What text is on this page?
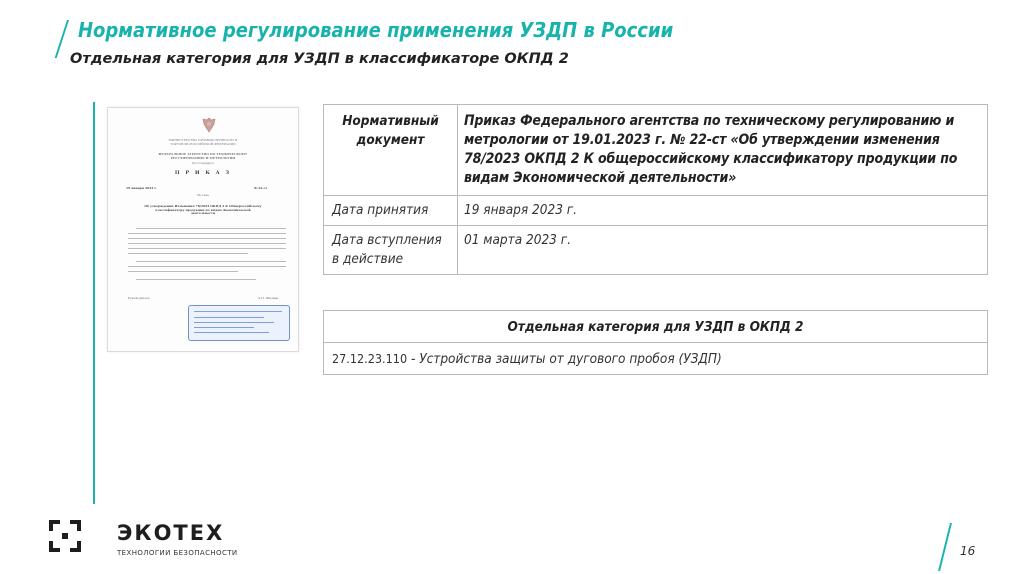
Нормативное регулирование применения УЗДП в России
Отдельная категория для УЗДП в классификаторе ОКПД 2
МИНИСТЕРСТВО ПРОМЫШЛЕННОСТИ И ТОРГОВЛИ РОССИЙСКОЙ ФЕДЕРАЦИИ
ФЕДЕРАЛЬНОЕ АГЕНТСТВО ПО ТЕХНИЧЕСКОМУ РЕГУЛИРОВАНИЮ И МЕТРОЛОГИИ
(Росстандарт)
П Р И К А З
19 января 2023 г.	№ 22-ст
Москва
Об утверждении Изменения 78/2023 ОКПД 2 К Общероссийскому классификатору продукции по видам Экономической деятельности
Руководитель	А.П. Шалаев
Нормативный документ	Приказ Федерального агентства по техническому регулированию и метрологии от 19.01.2023 г. № 22-ст «Об утверждении изменения 78/2023 ОКПД 2 К общероссийскому классификатору продукции по видам Экономической деятельности»
Дата принятия	19 января 2023 г.
Дата вступления в действие	01 марта 2023 г.
Отдельная категория для УЗДП в ОКПД 2
27.12.23.110 - Устройства защиты от дугового пробоя (УЗДП)
ЭКОТЕХ
ТЕХНОЛОГИИ БЕЗОПАСНОСТИ	16
